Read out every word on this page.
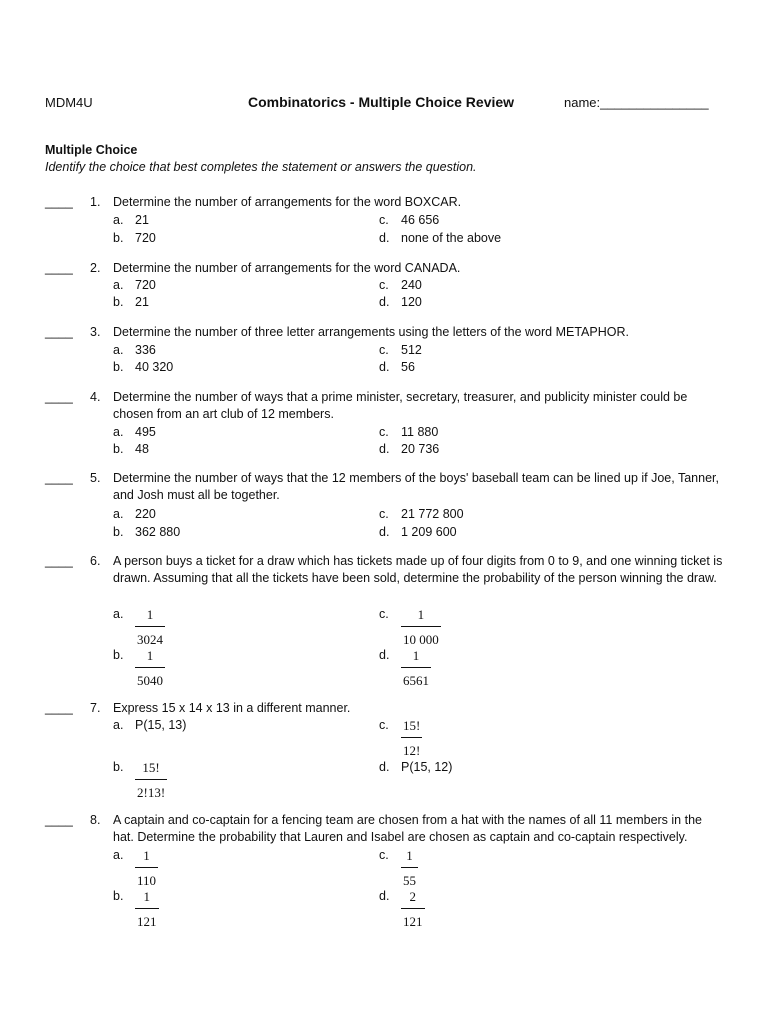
MDM4U	Combinatorics - Multiple Choice Review	name:_______________
Multiple Choice
Identify the choice that best completes the statement or answers the question.
____ 1. Determine the number of arrangements for the word BOXCAR.
a. 21
b. 720
c. 46 656
d. none of the above
____ 2. Determine the number of arrangements for the word CANADA.
a. 720
b. 21
c. 240
d. 120
____ 3. Determine the number of three letter arrangements using the letters of the word METAPHOR.
a. 336
b. 40 320
c. 512
d. 56
____ 4. Determine the number of ways that a prime minister, secretary, treasurer, and publicity minister could be chosen from an art club of 12 members.
a. 495
b. 48
c. 11 880
d. 20 736
____ 5. Determine the number of ways that the 12 members of the boys' baseball team can be lined up if Joe, Tanner, and Josh must all be together.
a. 220
b. 362 880
c. 21 772 800
d. 1 209 600
____ 6. A person buys a ticket for a draw which has tickets made up of four digits from 0 to 9, and one winning ticket is drawn. Assuming that all the tickets have been sold, determine the probability of the person winning the draw.
a.	1
3024
b.	1
5040
c.	1
10 000
d.	1
6561
____ 7. Express 15 x 14 x 13 in a different manner.
a. P(15, 13)
b.	15!
2!13!
c. 15!
12!
d. P(15, 12)
____ 8. A captain and co-captain for a fencing team are chosen from a hat with the names of all 11 members in the hat. Determine the probability that Lauren and Isabel are chosen as captain and co-captain respectively.
a.	1
110
b.	1
121
c.	1
55
d.	2
121
